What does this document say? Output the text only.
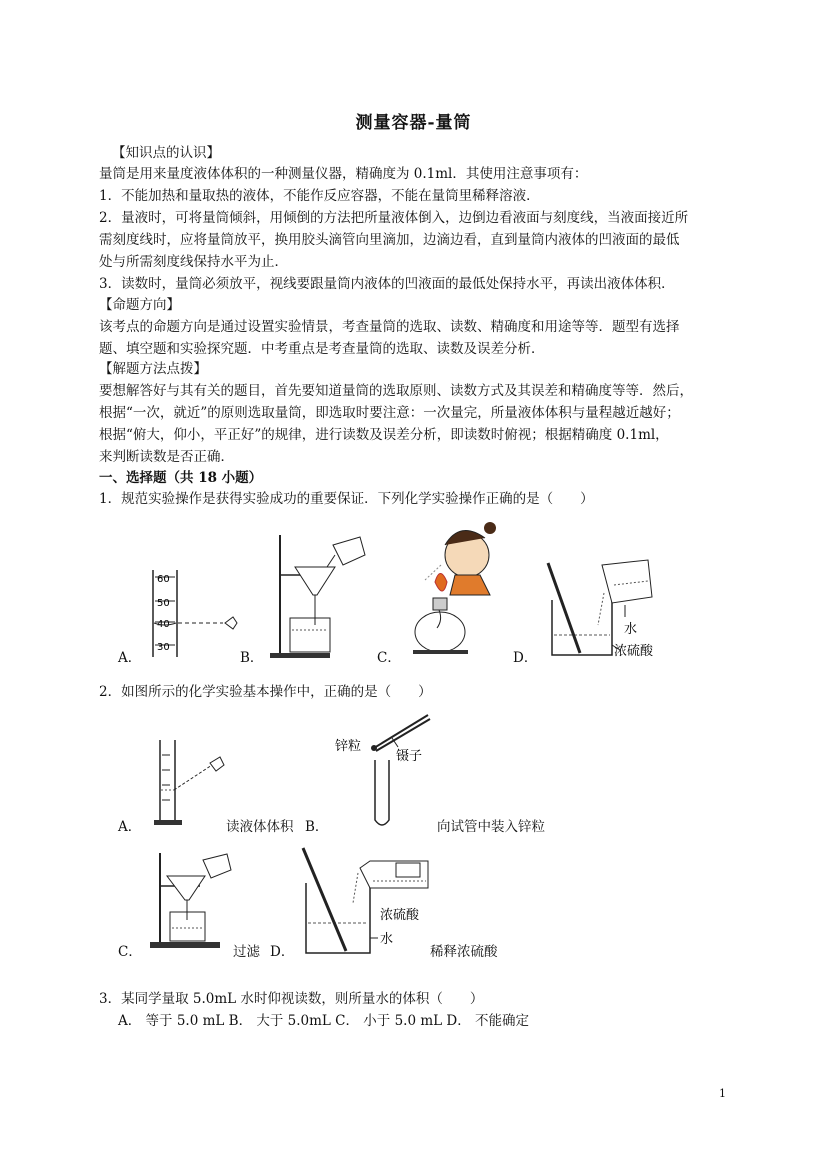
测量容器-量筒
【知识点的认识】
量筒是用来量度液体体积的一种测量仪器，精确度为 0.1ml．其使用注意事项有：
1．不能加热和量取热的液体，不能作反应容器，不能在量筒里稀释溶液．
2．量液时，可将量筒倾斜，用倾倒的方法把所量液体倒入，边倒边看液面与刻度线，当液面接近所
需刻度线时，应将量筒放平，换用胶头滴管向里滴加，边滴边看，直到量筒内液体的凹液面的最低
处与所需刻度线保持水平为止．
3．读数时，量筒必须放平，视线要跟量筒内液体的凹液面的最低处保持水平，再读出液体体积．
【命题方向】
该考点的命题方向是通过设置实验情景，考查量筒的选取、读数、精确度和用途等等．题型有选择
题、填空题和实验探究题．中考重点是考查量筒的选取、读数及误差分析．
【解题方法点拨】
要想解答好与其有关的题目，首先要知道量筒的选取原则、读数方式及其误差和精确度等等．然后，
根据“一次，就近”的原则选取量筒，即选取时要注意：一次量完，所量液体体积与量程越近越好；
根据“俯大，仰小，平正好”的规律，进行读数及误差分析，即读数时俯视；根据精确度 0.1ml，
来判断读数是否正确．
一、选择题（共 18 小题）
1．规范实验操作是获得实验成功的重要保证．下列化学实验操作正确的是（　　）
A．
60
50
40
30
B．	C．	D．
水
浓硫酸
2．如图所示的化学实验基本操作中，正确的是（　　）
A．	读液体体积 B．
锌粒
镊子
向试管中装入锌粒
C．	过滤 D．
浓硫酸
水
稀释浓硫酸
3．某同学量取 5.0mL 水时仰视读数，则所量水的体积（　　）
A． 等于 5.0 mL B． 大于 5.0mL C． 小于 5.0 mL D． 不能确定
1
